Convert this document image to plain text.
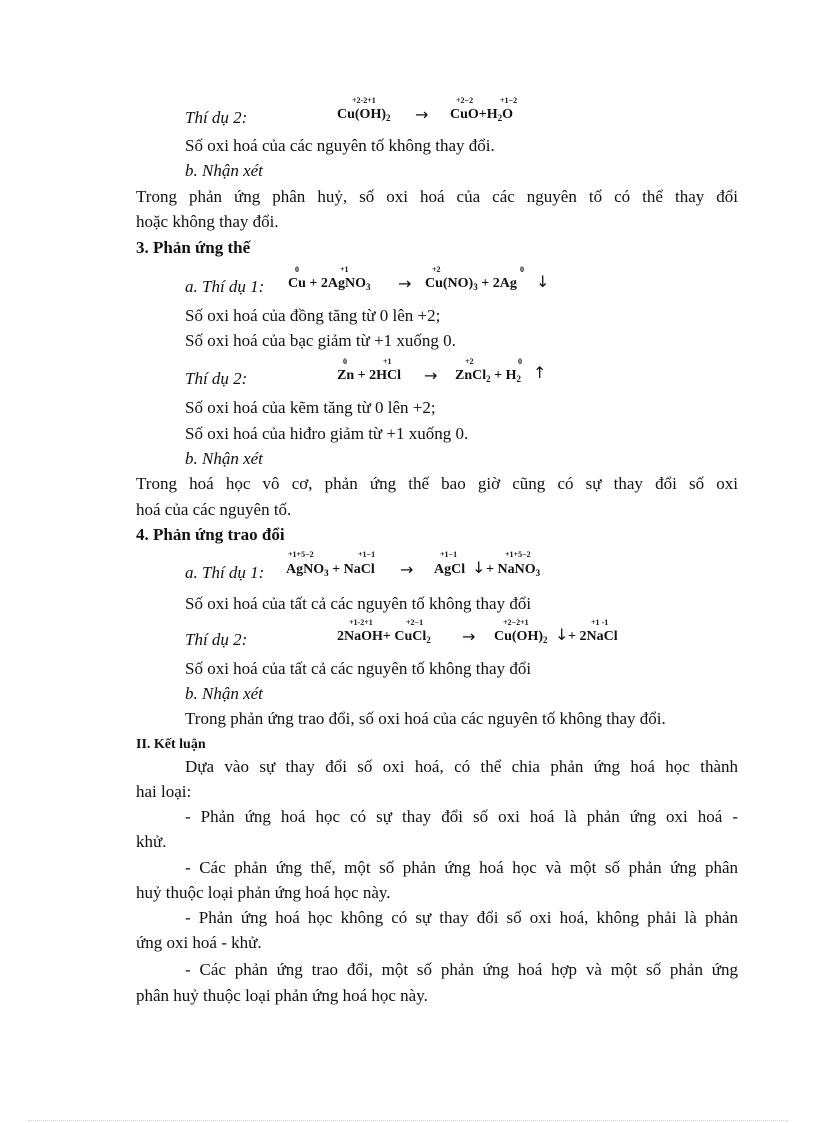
Thí dụ 2:
+2-2+1
$Cu(OH)_2$ →
+2−2	+1−2
$CuO+H_2O$
Số oxi hoá của các nguyên tố không thay đổi.
b. Nhận xét
Trong phản ứng phân huỷ, số oxi hoá của các nguyên tố có thể thay đổi
hoặc không thay đổi.
3. Phản ứng thế
a. Thí dụ 1:
0	+1
Cu + 2AgNO$_3$ →
+2	0
$Cu(NO)_3 + 2Ag$ ↓
Số oxi hoá của đồng tăng từ 0 lên +2;
Số oxi hoá của bạc giảm từ +1 xuống 0.
Thí dụ 2:
0	+1
Zn + 2HCl →
+2	0
ZnCl$_2$ + $H_2$ ↑
Số oxi hoá của kẽm tăng từ 0 lên +2;
Số oxi hoá của hiđro giảm từ +1 xuống 0.
b. Nhận xét
Trong hoá học vô cơ, phản ứng thế bao giờ cũng có sự thay đổi số oxi
hoá của các nguyên tố.
4. Phản ứng trao đổi
a. Thí dụ 1:
+1+5−2	+1−1
AgNO$_3$ + NaCl →
+1−1
AgCl ↓
+1+5−2
+ NaNO$_3$
Số oxi hoá của tất cả các nguyên tố không thay đổi
Thí dụ 2:
+1-2+1	+2−1
2NaOH+ CuCl$_2$ →
+2−2+1
$Cu(OH)_2$ ↓
+1 -1
+ 2NaCl
Số oxi hoá của tất cả các nguyên tố không thay đổi
b. Nhận xét
Trong phản ứng trao đổi, số oxi hoá của các nguyên tố không thay đổi.
II. Kết luận
Dựa vào sự thay đổi số oxi hoá, có thể chia phản ứng hoá học thành
hai loại:
- Phản ứng hoá học có sự thay đổi số oxi hoá là phản ứng oxi hoá -
khử.
- Các phản ứng thế, một số phản ứng hoá học và một số phản ứng phân
huỷ thuộc loại phản ứng hoá học này.
- Phản ứng hoá học không có sự thay đổi số oxi hoá, không phải là phản
ứng oxi hoá - khử.
- Các phản ứng trao đổi, một số phản ứng hoá hợp và một số phản ứng
phân huỷ thuộc loại phản ứng hoá học này.
